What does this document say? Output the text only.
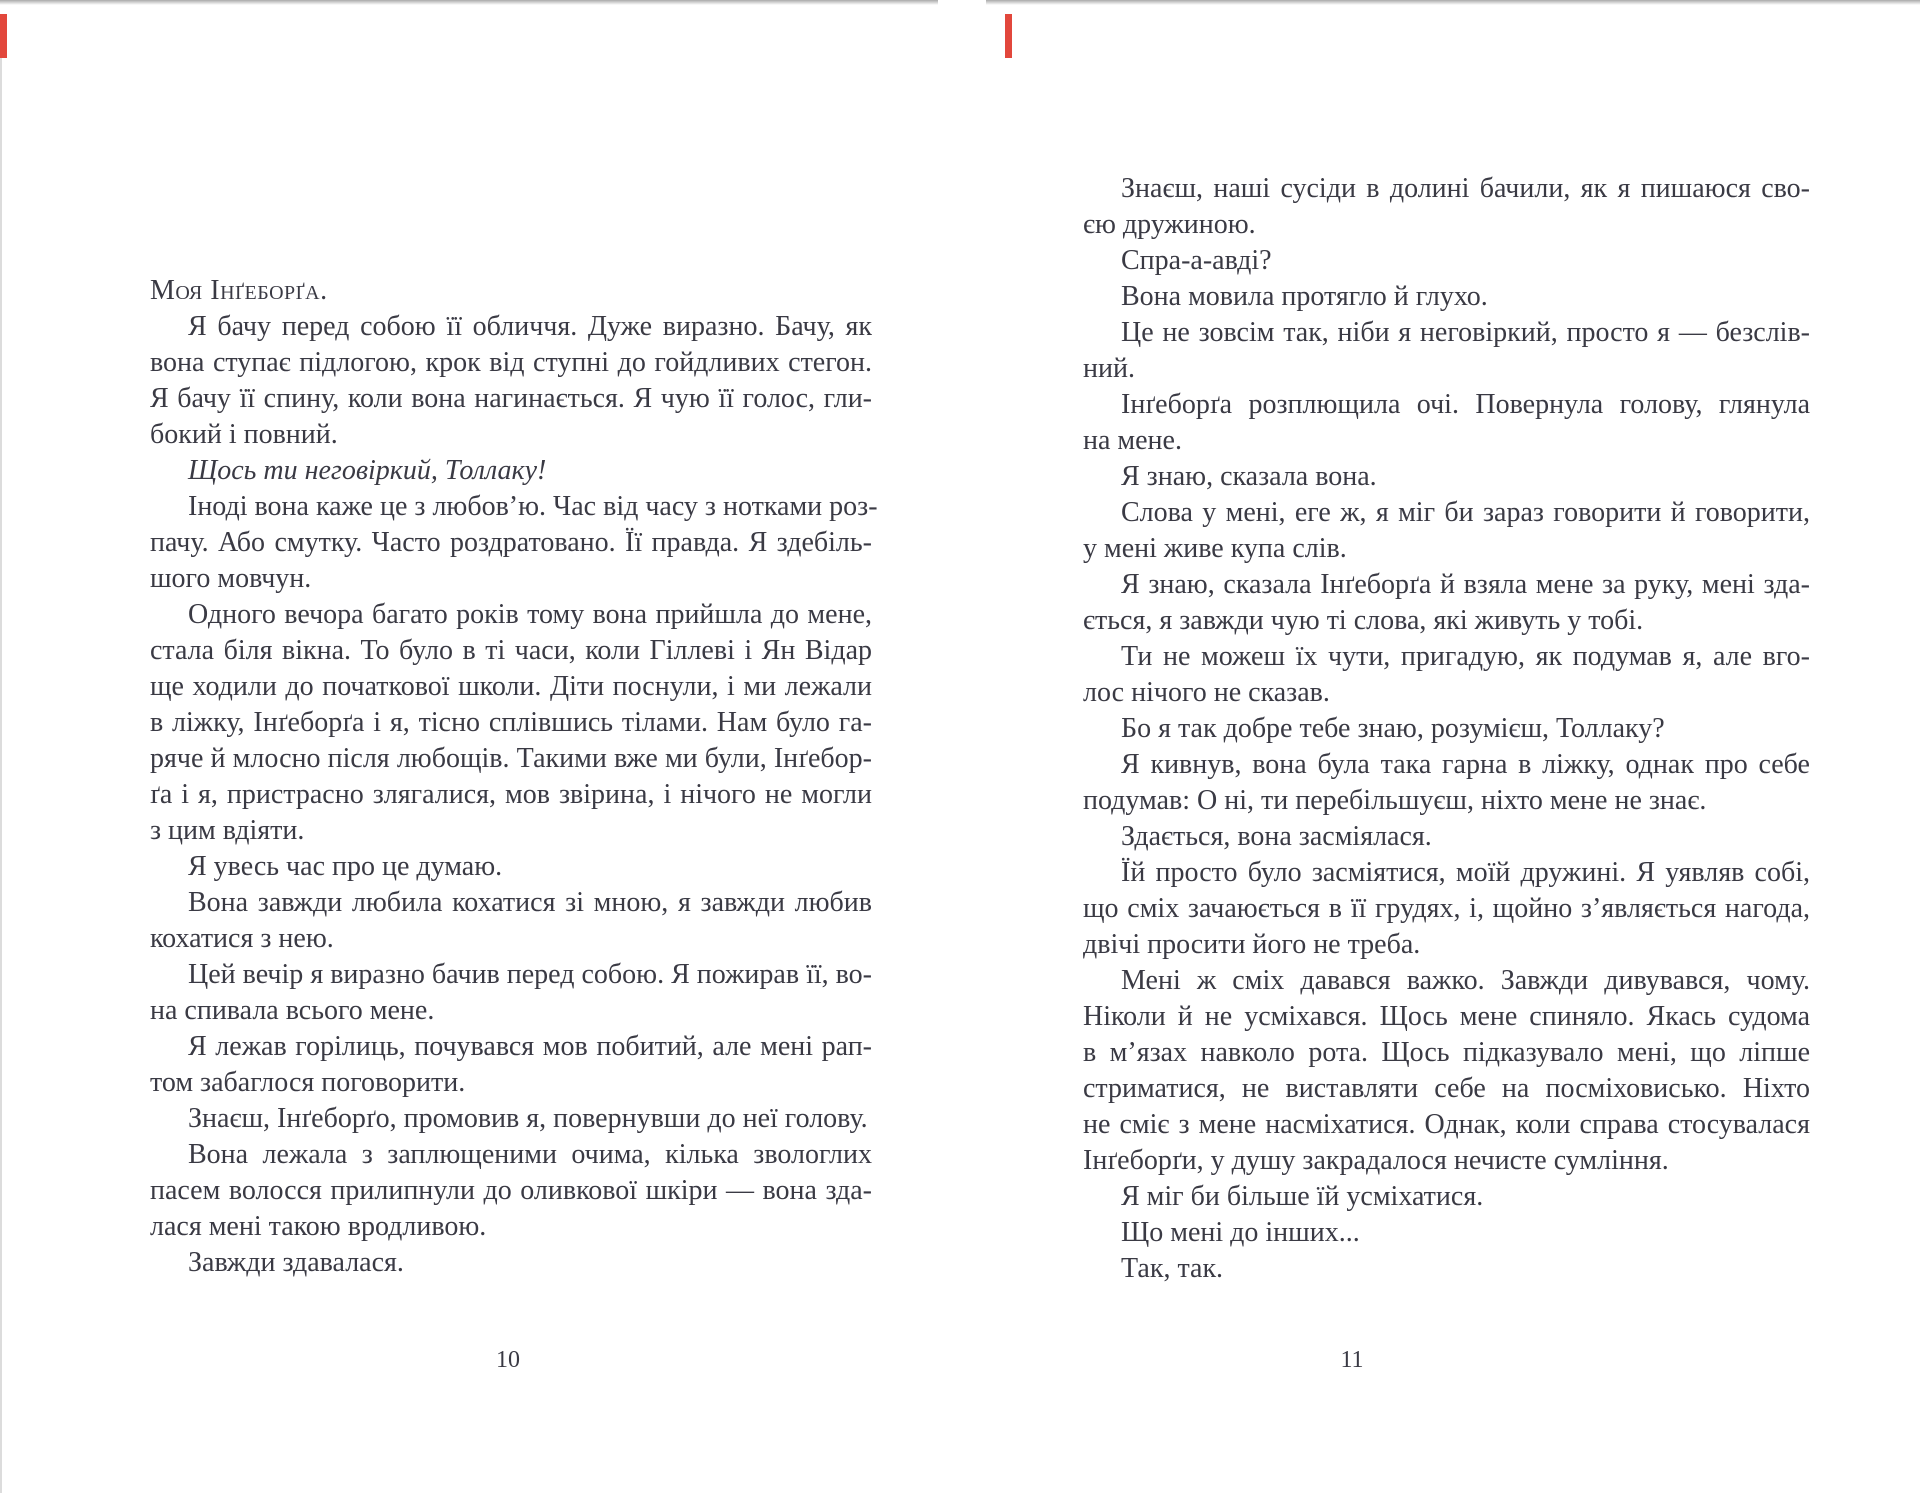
Моя Інґеборґа.
Я бачу перед собою її обличчя. Дуже виразно. Бачу, як
вона ступає підлогою, крок від ступні до гойдливих стегон.
Я бачу її спину, коли вона нагинається. Я чую її голос, гли-
бокий і повний.
Щось ти неговіркий, Толлаку!
Іноді вона каже це з любов’ю. Час від часу з нотками роз-
пачу. Або смутку. Часто роздратовано. Її правда. Я здебіль-
шого мовчун.
Одного вечора багато років тому вона прийшла до мене,
стала біля вікна. То було в ті часи, коли Гіллеві і Ян Відар
ще ходили до початкової школи. Діти поснули, і ми лежали
в ліжку, Інґеборґа і я, тісно сплівшись тілами. Нам було га-
ряче й млосно після любощів. Такими вже ми були, Інґебор-
ґа і я, пристрасно злягалися, мов звірина, і нічого не могли
з цим вдіяти.
Я увесь час про це думаю.
Вона завжди любила кохатися зі мною, я завжди любив
кохатися з нею.
Цей вечір я виразно бачив перед собою. Я пожирав її, во-
на спивала всього мене.
Я лежав горілиць, почувався мов побитий, але мені рап-
том забаглося поговорити.
Знаєш, Інґеборґо, промовив я, повернувши до неї голову.
Вона лежала з заплющеними очима, кілька звологлих
пасем волосся прилипнули до оливкової шкіри — вона зда-
лася мені такою вродливою.
Завжди здавалася.
Знаєш, наші сусіди в долині бачили, як я пишаюся сво-
єю дружиною.
Спра-а-авді?
Вона мовила протягло й глухо.
Це не зовсім так, ніби я неговіркий, просто я — безслів-
ний.
Інґеборґа розплющила очі. Повернула голову, глянула
на мене.
Я знаю, сказала вона.
Слова у мені, еге ж, я міг би зараз говорити й говорити,
у мені живе купа слів.
Я знаю, сказала Інґеборґа й взяла мене за руку, мені зда-
ється, я завжди чую ті слова, які живуть у тобі.
Ти не можеш їх чути, пригадую, як подумав я, але вго-
лос нічого не сказав.
Бо я так добре тебе знаю, розумієш, Толлаку?
Я кивнув, вона була така гарна в ліжку, однак про себе
подумав: О ні, ти перебільшуєш, ніхто мене не знає.
Здається, вона засміялася.
Їй просто було засміятися, моїй дружині. Я уявляв собі,
що сміх зачаюється в її грудях, і, щойно з’являється нагода,
двічі просити його не треба.
Мені ж сміх давався важко. Завжди дивувався, чому.
Ніколи й не усміхався. Щось мене спиняло. Якась судома
в м’язах навколо рота. Щось підказувало мені, що ліпше
стриматися, не виставляти себе на посміховисько. Ніхто
не сміє з мене насміхатися. Однак, коли справа стосувалася
Інґеборґи, у душу закрадалося нечисте сумління.
Я міг би більше їй усміхатися.
Що мені до інших...
Так, так.
10	11
